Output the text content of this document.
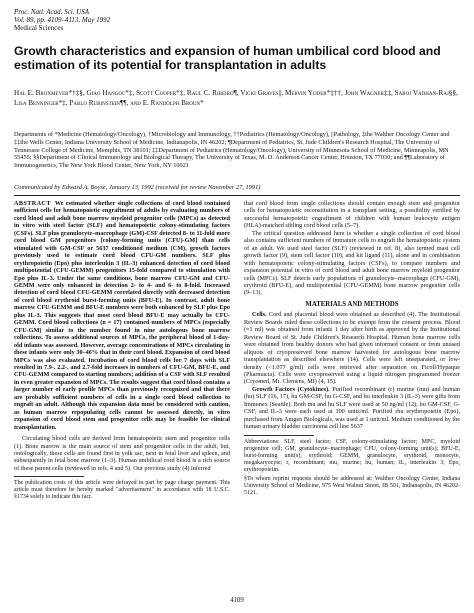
Proc. Natl. Acad. Sci. USA
Vol. 89, pp. 4109–4113, May 1992
Medical Sciences
Growth characteristics and expansion of human umbilical cord blood and estimation of its potential for transplantation in adults

Hal E. Broxmeyer*†‡§, Giao Hangoc*‡, Scott Cooper*‡, Raul C. Ribeiro¶, Vicki Graves||, Mervin Yoder*‡††, John Wagner‡‡, Saroj Vadhan-Raj§§, Lisa Benninger*‡, Pablo Rubinstein¶¶, and E. Randolph Broun*

Departments of *Medicine (Hematology/Oncology), †Microbiology and Immunology, ††Pediatrics (Hematology/Oncology), ||Pathology, ‡the Walther Oncology Center and ‡‡the Wells Center, Indiana University School of Medicine, Indianapolis, IN 46202; ¶Department of Pediatrics, St. Jude Children's Research Hospital, The University of Tennessee College of Medicine, Memphis, TN 38101; ‡‡Department of Pediatrics (Hematology/Oncology), University of Minnesota School of Medicine, Minneapolis, MN 55455; §§Department of Clinical Immunology and Biological Therapy, The University of Texas, M. D. Anderson Cancer Center, Houston, TX 77030; and ¶¶Laboratory of Immunogenetics, The New York Blood Center, New York, NY 10021

Communicated by Edward A. Boyse, January 13, 1992 (received for review November 27, 1991)

ABSTRACT We estimated whether single collections of cord blood contained sufficient cells for hematopoietic engraftment of adults by evaluating numbers of cord blood and adult bone marrow myeloid progenitor cells (MPCs) as detected in vitro with steel factor (SLF) and hematopoietic colony-stimulating factors (CSFs). SLF plus granulocyte–macrophage (GM)-CSF detected 8- to 11-fold more cord blood GM progenitors [colony-forming units (CFU)-GM] than cells stimulated with GM-CSF or 5637 conditioned medium (CM), growth factors previously used to estimate cord blood CFU-GM numbers. SLF plus erythropoietin (Epo) plus interleukin 3 (IL-3) enhanced detection of cord blood multipotential (CFU-GEMM) progenitors 15-fold compared to stimulation with Epo plus IL-3. Under the same conditions, bone marrow CFU-GM and CFU-GEMM were only enhanced in detection 2- to 4- and 6- to 8-fold. Increased detection of cord blood CFU-GEMM correlated directly with decreased detection of cord blood erythroid burst-forming units (BFU-E). In contrast, adult bone marrow CFU-GEMM and BFU-E numbers were both enhanced by SLF plus Epo plus IL-3. This suggests that most cord blood BFU-E may actually be CFU-GEMM. Cord blood collections (n = 17) contained numbers of MPCs (especially CFU-GM) similar to the number found in nine autologous bone marrow collections. To assess additional sources of MPCs, the peripheral blood of 1-day-old infants was assessed. However, average concentrations of MPCs circulating in these infants were only 30–46% that in their cord blood. Expansion of cord blood MPCs was also evaluated. Incubation of cord blood cells for 7 days with SLF resulted in 7.9-, 2.2-, and 2.7-fold increases in numbers of CFU-GM, BFU-E, and CFU-GEMM compared to starting numbers; addition of a CSF with SLF resulted in even greater expansion of MPCs. The results suggest that cord blood contains a larger number of early profile MPCs than previously recognized and that there are probably sufficient numbers of cells in a single cord blood collection to engraft an adult. Although this expansion data must be considered with caution, as human marrow repopulating cells cannot be assessed directly, in vitro expansion of cord blood stem and progenitor cells may be feasible for clinical transplantation.

Circulating blood cells are derived from hematopoietic stem and progenitor cells (1). Bone marrow is the main source of stem and progenitor cells in the adult, but, ontologically, these cells are found first in yolk sac, next in fetal liver and spleen, and subsequently in fetal bone marrow (1–3). Human umbilical cord blood is a rich source of these parent cells (reviewed in refs. 4 and 5). Our previous study (4) inferred

The publication costs of this article were defrayed in part by page charge payment. This article must therefore be hereby marked "advertisement" in accordance with 18 U.S.C. §1734 solely to indicate this fact.

that cord blood from single collections should contain enough stem and progenitor cells for hematopoietic reconstitution in a transplant setting, a possibility verified by successful hematopoietic engraftment of children with human leukocyte antigen (HLA)-matched sibling cord blood cells (5–7).

The critical question addressed here is whether a single collection of cord blood also contains sufficient numbers of immature cells to engraft the hematopoietic system of an adult. We used steel factor (SLF) (reviewed in ref. 8), also termed mast cell growth factor (9), stem cell factor (10), and kit ligand (11), alone and in combination with hematopoietic colony-stimulating factors (CSFs), to compare numbers and expansion potential in vitro of cord blood and adult bone marrow myeloid progenitor cells (MPCs). SLF detects early populations of granulocyte–macrophage (CFU-GM), erythroid (BFU-E), and multipotential (CFU-GEMM) bone marrow progenitor cells (9–13).

MATERIALS AND METHODS

Cells. Cord and placental blood were obtained as described (4). The Institutional Review Boards ruled these collections to be exempt from the consent process. Blood (≈1 ml) was obtained from infants 1 day after birth as approved by the Institutional Review Board of St. Jude Children's Research Hospital. Human bone marrow cells were obtained from healthy donors who had given informed consent or from unused aliquots of cryopreserved bone marrow harvested for autologous bone marrow transplantation as described elsewhere (14). Cells were left unseparated, or low-density (<1.077 g/ml) cells were retrieved after separation on Ficoll/Hypaque (Pharmacia). Cells were cryopreserved using a liquid nitrogen programmed freezer (Cryomed, Mt. Clemens, MI) (4, 15).

Growth Factors (Cytokines). Purified recombinant (r) murine (mu) and human (hu) SLF (16, 17), hu GM-CSF, hu G-CSF, and hu interleukin 3 (IL-3) were gifts from Immunex (Seattle). Both mu and hu SLF were used at 50 ng/ml (12); hu GM-CSF, G-CSF, and IL-3 were each used at 100 units/ml. Purified rhu erythropoietin (Epo), purchased from Amgen Biologicals, was used at 1 unit/ml. Medium conditioned by the human urinary bladder carcinoma cell line 5637

Abbreviations: SLF, steel factor; CSF, colony-stimulating factor; MPC, myeloid progenitor cell; GM, granulocyte–macrophage; CFU, colony-forming unit(s); BFU-E, burst-forming unit(s), erythroid; GEMM, granulocyte, erythroid, monocyte, megakaryocyte; r, recombinant; mu, murine; hu, human; IL, interleukin 3; Epo, erythropoietin.

§To whom reprint requests should be addressed at: Walther Oncology Center, Indiana University School of Medicine, 975 West Walnut Street, IB 501, Indianapolis, IN 46202-5121.

4109
